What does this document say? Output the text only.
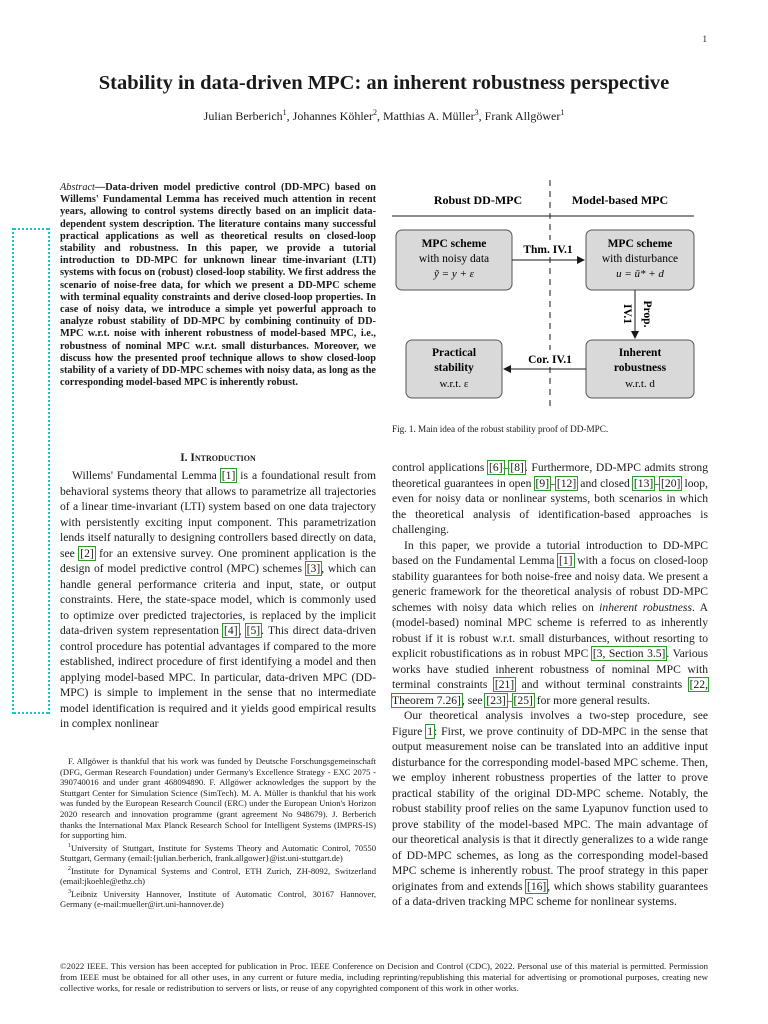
1
Stability in data-driven MPC: an inherent robustness perspective
Julian Berberich$^1$, Johannes Köhler$^2$, Matthias A. Müller$^3$, Frank Allgöwer$^1$

Abstract—Data-driven model predictive control (DD-MPC) based on Willems' Fundamental Lemma has received much attention in recent years, allowing to control systems directly based on an implicit data-dependent system description. The literature contains many successful practical applications as well as theoretical results on closed-loop stability and robustness. In this paper, we provide a tutorial introduction to DD-MPC for unknown linear time-invariant (LTI) systems with focus on (robust) closed-loop stability. We first address the scenario of noise-free data, for which we present a DD-MPC scheme with terminal equality constraints and derive closed-loop properties. In case of noisy data, we introduce a simple yet powerful approach to analyze robust stability of DD-MPC by combining continuity of DD-MPC w.r.t. noise with inherent robustness of model-based MPC, i.e., robustness of nominal MPC w.r.t. small disturbances. Moreover, we discuss how the presented proof technique allows to show closed-loop stability of a variety of DD-MPC schemes with noisy data, as long as the corresponding model-based MPC is inherently robust.

Robust DD-MPC	Model-based MPC
MPC scheme
with noisy data
ỹ = y + ε
MPC scheme
with disturbance
u = ū* + d
Practical
stability
w.r.t. ε
Inherent
robustness
w.r.t. d
Thm. IV.1
Prop.
IV.1
Cor. IV.1
Fig. 1. Main idea of the robust stability proof of DD-MPC.
I. Introduction

Willems' Fundamental Lemma [1] is a foundational result from behavioral systems theory that allows to parametrize all trajectories of a linear time-invariant (LTI) system based on one data trajectory with persistently exciting input component. This parametrization lends itself naturally to designing controllers based directly on data, see [2] for an extensive survey. One prominent application is the design of model predictive control (MPC) schemes [3], which can handle general performance criteria and input, state, or output constraints. Here, the state-space model, which is commonly used to optimize over predicted trajectories, is replaced by the implicit data-driven system representation [4], [5]. This direct data-driven control procedure has potential advantages if compared to the more established, indirect procedure of first identifying a model and then applying model-based MPC. In particular, data-driven MPC (DD-MPC) is simple to implement in the sense that no intermediate model identification is required and it yields good empirical results in complex nonlinear

F. Allgöwer is thankful that his work was funded by Deutsche Forschungsgemeinschaft (DFG, German Research Foundation) under Germany's Excellence Strategy - EXC 2075 - 390740016 and under grant 468094890. F. Allgöwer acknowledges the support by the Stuttgart Center for Simulation Science (SimTech). M. A. Müller is thankful that his work was funded by the European Research Council (ERC) under the European Union's Horizon 2020 research and innovation programme (grant agreement No 948679). J. Berberich thanks the International Max Planck Research School for Intelligent Systems (IMPRS-IS) for supporting him.

$^1$University of Stuttgart, Institute for Systems Theory and Automatic Control, 70550 Stuttgart, Germany (email:{julian.berberich, frank.allgower}@ist.uni-stuttgart.de)

$^2$Institute for Dynamical Systems and Control, ETH Zurich, ZH-8092, Switzerland (email:jkoehle@ethz.ch)

$^3$Leibniz University Hannover, Institute of Automatic Control, 30167 Hannover, Germany (e-mail:mueller@irt.uni-hannover.de)

control applications [6]–[8]. Furthermore, DD-MPC admits strong theoretical guarantees in open [9]–[12] and closed [13]–[20] loop, even for noisy data or nonlinear systems, both scenarios in which the theoretical analysis of identification-based approaches is challenging.

In this paper, we provide a tutorial introduction to DD-MPC based on the Fundamental Lemma [1] with a focus on closed-loop stability guarantees for both noise-free and noisy data. We present a generic framework for the theoretical analysis of robust DD-MPC schemes with noisy data which relies on inherent robustness. A (model-based) nominal MPC scheme is referred to as inherently robust if it is robust w.r.t. small disturbances, without resorting to explicit robustifications as in robust MPC [3, Section 3.5]. Various works have studied inherent robustness of nominal MPC with terminal constraints [21] and without terminal constraints [22, Theorem 7.26], see [23]–[25] for more general results.

Our theoretical analysis involves a two-step procedure, see Figure 1: First, we prove continuity of DD-MPC in the sense that output measurement noise can be translated into an additive input disturbance for the corresponding model-based MPC scheme. Then, we employ inherent robustness properties of the latter to prove practical stability of the original DD-MPC scheme. Notably, the robust stability proof relies on the same Lyapunov function used to prove stability of the model-based MPC. The main advantage of our theoretical analysis is that it directly generalizes to a wide range of DD-MPC schemes, as long as the corresponding model-based MPC scheme is inherently robust. The proof strategy in this paper originates from and extends [16], which shows stability guarantees of a data-driven tracking MPC scheme for nonlinear systems.

©2022 IEEE. This version has been accepted for publication in Proc. IEEE Conference on Decision and Control (CDC), 2022. Personal use of this material is permitted. Permission from IEEE must be obtained for all other uses, in any current or future media, including reprinting/republishing this material for advertising or promotional purposes, creating new collective works, for resale or redistribution to servers or lists, or reuse of any copyrighted component of this work in other works.
